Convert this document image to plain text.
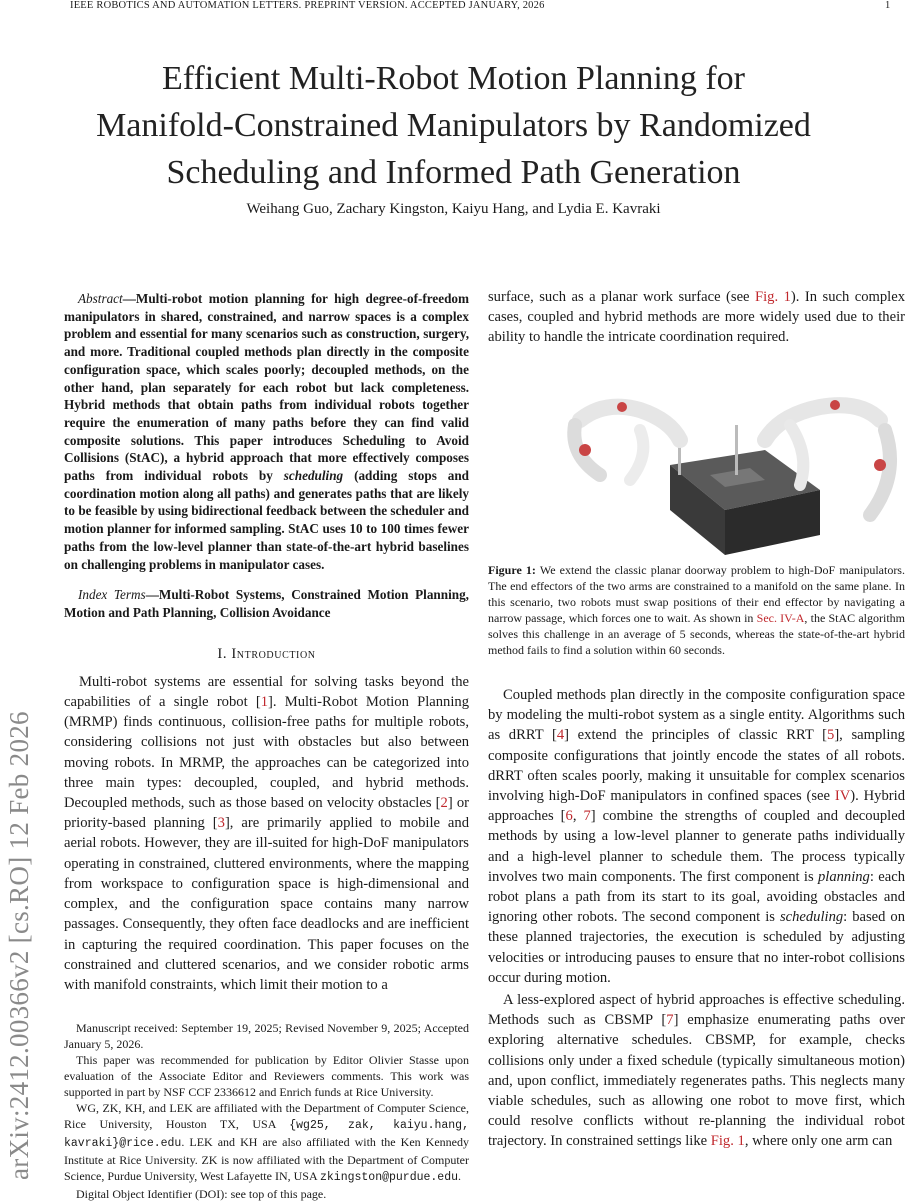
IEEE ROBOTICS AND AUTOMATION LETTERS. PREPRINT VERSION. ACCEPTED JANUARY, 2026	1
arXiv:2412.00366v2 [cs.RO] 12 Feb 2026
Efficient Multi-Robot Motion Planning for
Manifold-Constrained Manipulators by Randomized
Scheduling and Informed Path Generation
Weihang Guo, Zachary Kingston, Kaiyu Hang, and Lydia E. Kavraki

Abstract—Multi-robot motion planning for high degree-of-freedom manipulators in shared, constrained, and narrow spaces is a complex problem and essential for many scenarios such as construction, surgery, and more. Traditional coupled methods plan directly in the composite configuration space, which scales poorly; decoupled methods, on the other hand, plan separately for each robot but lack completeness. Hybrid methods that obtain paths from individual robots together require the enumeration of many paths before they can find valid composite solutions. This paper introduces Scheduling to Avoid Collisions (StAC), a hybrid approach that more effectively composes paths from individual robots by scheduling (adding stops and coordination motion along all paths) and generates paths that are likely to be feasible by using bidirectional feedback between the scheduler and motion planner for informed sampling. StAC uses 10 to 100 times fewer paths from the low-level planner than state-of-the-art hybrid baselines on challenging problems in manipulator cases.

Index Terms—Multi-Robot Systems, Constrained Motion Planning, Motion and Path Planning, Collision Avoidance

I. Introduction

Multi-robot systems are essential for solving tasks beyond the capabilities of a single robot [1]. Multi-Robot Motion Planning (MRMP) finds continuous, collision-free paths for multiple robots, considering collisions not just with obstacles but also between moving robots. In MRMP, the approaches can be categorized into three main types: decoupled, coupled, and hybrid methods. Decoupled methods, such as those based on velocity obstacles [2] or priority-based planning [3], are primarily applied to mobile and aerial robots. However, they are ill-suited for high-DoF manipulators operating in constrained, cluttered environments, where the mapping from workspace to configuration space is high-dimensional and complex, and the configuration space contains many narrow passages. Consequently, they often face deadlocks and are inefficient in capturing the required coordination. This paper focuses on the constrained and cluttered scenarios, and we consider robotic arms with manifold constraints, which limit their motion to a

Manuscript received: September 19, 2025; Revised November 9, 2025; Accepted January 5, 2026.

This paper was recommended for publication by Editor Olivier Stasse upon evaluation of the Associate Editor and Reviewers comments. This work was supported in part by NSF CCF 2336612 and Enrich funds at Rice University.

WG, ZK, KH, and LEK are affiliated with the Department of Computer Science, Rice University, Houston TX, USA {wg25, zak, kaiyu.hang, kavraki}@rice.edu. LEK and KH are also affiliated with the Ken Kennedy Institute at Rice University. ZK is now affiliated with the Department of Computer Science, Purdue University, West Lafayette IN, USA zkingston@purdue.edu.

Digital Object Identifier (DOI): see top of this page.

surface, such as a planar work surface (see Fig. 1). In such complex cases, coupled and hybrid methods are more widely used due to their ability to handle the intricate coordination required.

Figure 1: We extend the classic planar doorway problem to high-DoF manipulators. The end effectors of the two arms are constrained to a manifold on the same plane. In this scenario, two robots must swap positions of their end effector by navigating a narrow passage, which forces one to wait. As shown in Sec. IV-A, the StAC algorithm solves this challenge in an average of 5 seconds, whereas the state-of-the-art hybrid method fails to find a solution within 60 seconds.

Coupled methods plan directly in the composite configuration space by modeling the multi-robot system as a single entity. Algorithms such as dRRT [4] extend the principles of classic RRT [5], sampling composite configurations that jointly encode the states of all robots. dRRT often scales poorly, making it unsuitable for complex scenarios involving high-DoF manipulators in confined spaces (see IV). Hybrid approaches [6, 7] combine the strengths of coupled and decoupled methods by using a low-level planner to generate paths individually and a high-level planner to schedule them. The process typically involves two main components. The first component is planning: each robot plans a path from its start to its goal, avoiding obstacles and ignoring other robots. The second component is scheduling: based on these planned trajectories, the execution is scheduled by adjusting velocities or introducing pauses to ensure that no inter-robot collisions occur during motion.

A less-explored aspect of hybrid approaches is effective scheduling. Methods such as CBSMP [7] emphasize enumerating paths over exploring alternative schedules. CBSMP, for example, checks collisions only under a fixed schedule (typically simultaneous motion) and, upon conflict, immediately regenerates paths. This neglects many viable schedules, such as allowing one robot to move first, which could resolve conflicts without re-planning the individual robot trajectory. In constrained settings like Fig. 1, where only one arm can
